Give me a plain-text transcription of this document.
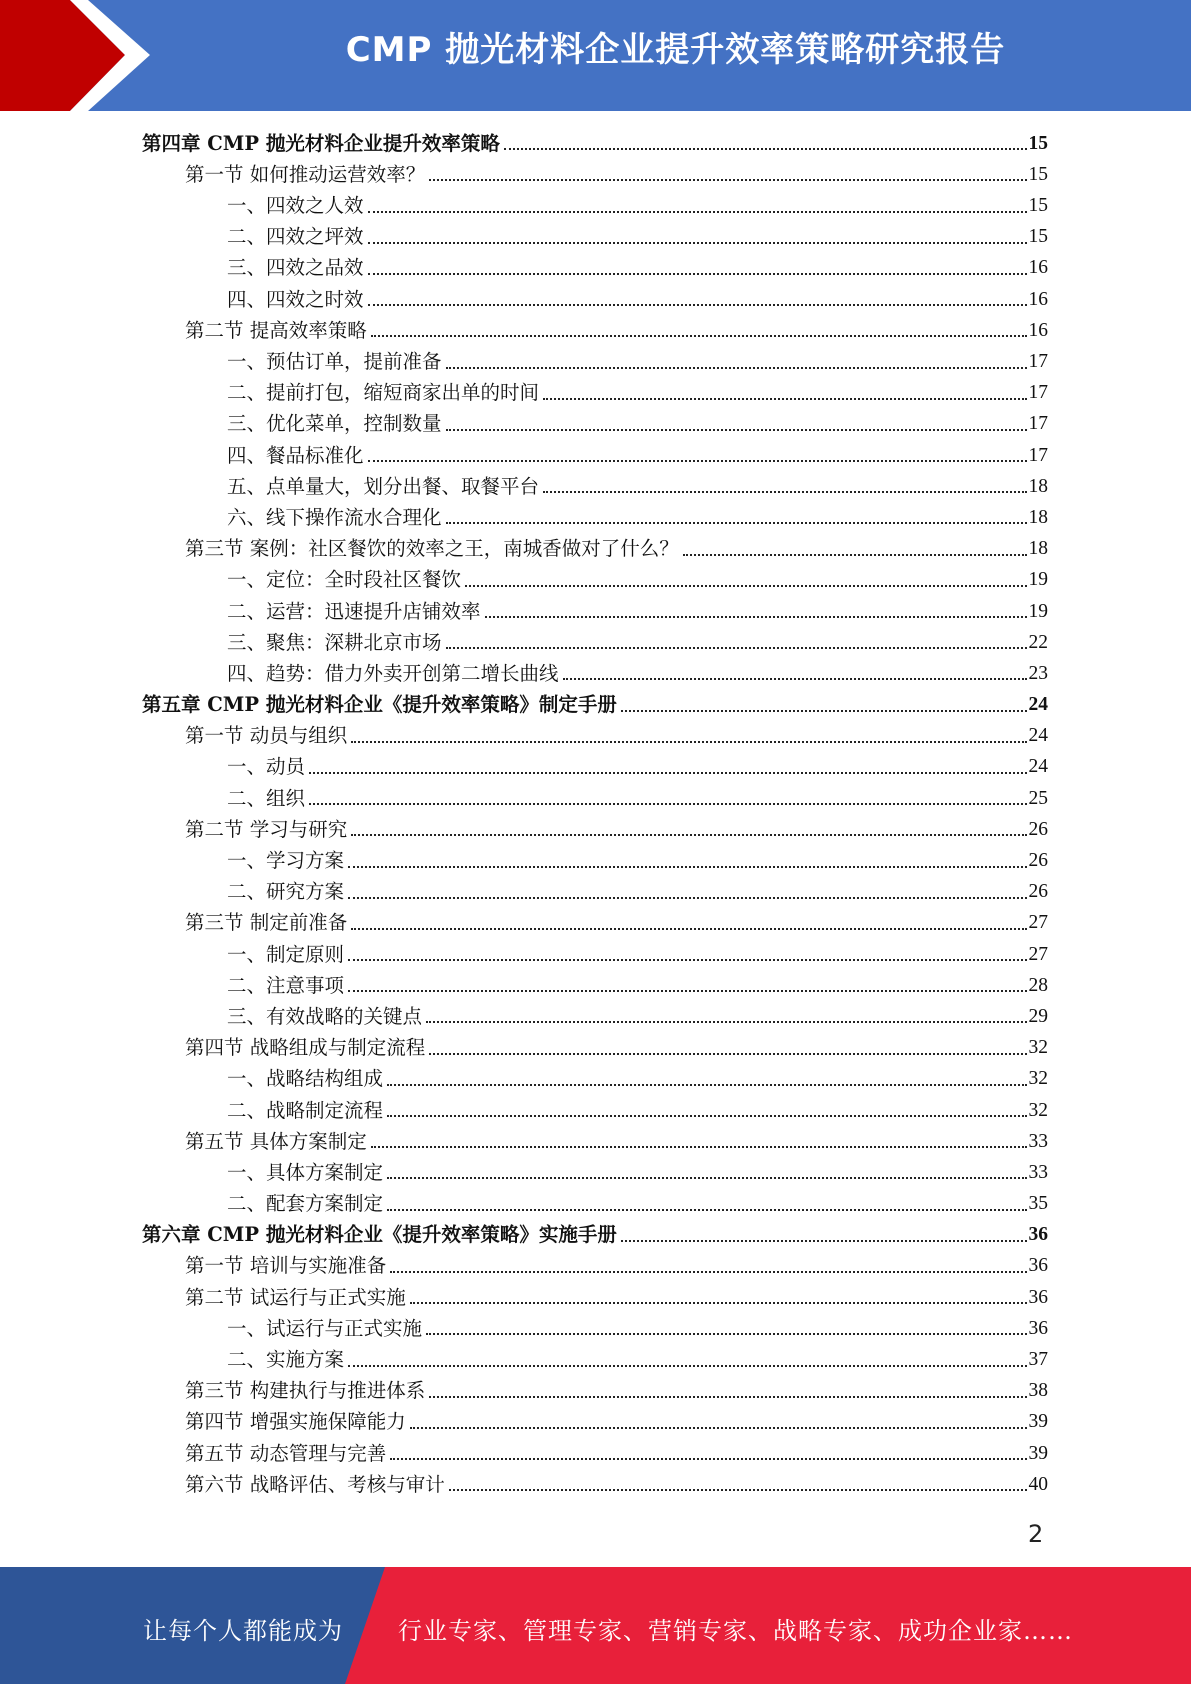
CMP 抛光材料企业提升效率策略研究报告
第四章 CMP 抛光材料企业提升效率策略	15
第一节 如何推动运营效率？	15
一、四效之人效	15
二、四效之坪效	15
三、四效之品效	16
四、四效之时效	16
第二节 提高效率策略	16
一、预估订单，提前准备	17
二、提前打包，缩短商家出单的时间	17
三、优化菜单，控制数量	17
四、餐品标准化	17
五、点单量大，划分出餐、取餐平台	18
六、线下操作流水合理化	18
第三节 案例：社区餐饮的效率之王，南城香做对了什么？	18
一、定位：全时段社区餐饮	19
二、运营：迅速提升店铺效率	19
三、聚焦：深耕北京市场	22
四、趋势：借力外卖开创第二增长曲线	23
第五章 CMP 抛光材料企业《提升效率策略》制定手册	24
第一节 动员与组织	24
一、动员	24
二、组织	25
第二节 学习与研究	26
一、学习方案	26
二、研究方案	26
第三节 制定前准备	27
一、制定原则	27
二、注意事项	28
三、有效战略的关键点	29
第四节 战略组成与制定流程	32
一、战略结构组成	32
二、战略制定流程	32
第五节 具体方案制定	33
一、具体方案制定	33
二、配套方案制定	35
第六章 CMP 抛光材料企业《提升效率策略》实施手册	36
第一节 培训与实施准备	36
第二节 试运行与正式实施	36
一、试运行与正式实施	36
二、实施方案	37
第三节 构建执行与推进体系	38
第四节 增强实施保障能力	39
第五节 动态管理与完善	39
第六节 战略评估、考核与审计	40
2
让每个人都能成为 行业专家、管理专家、营销专家、战略专家、成功企业家……
